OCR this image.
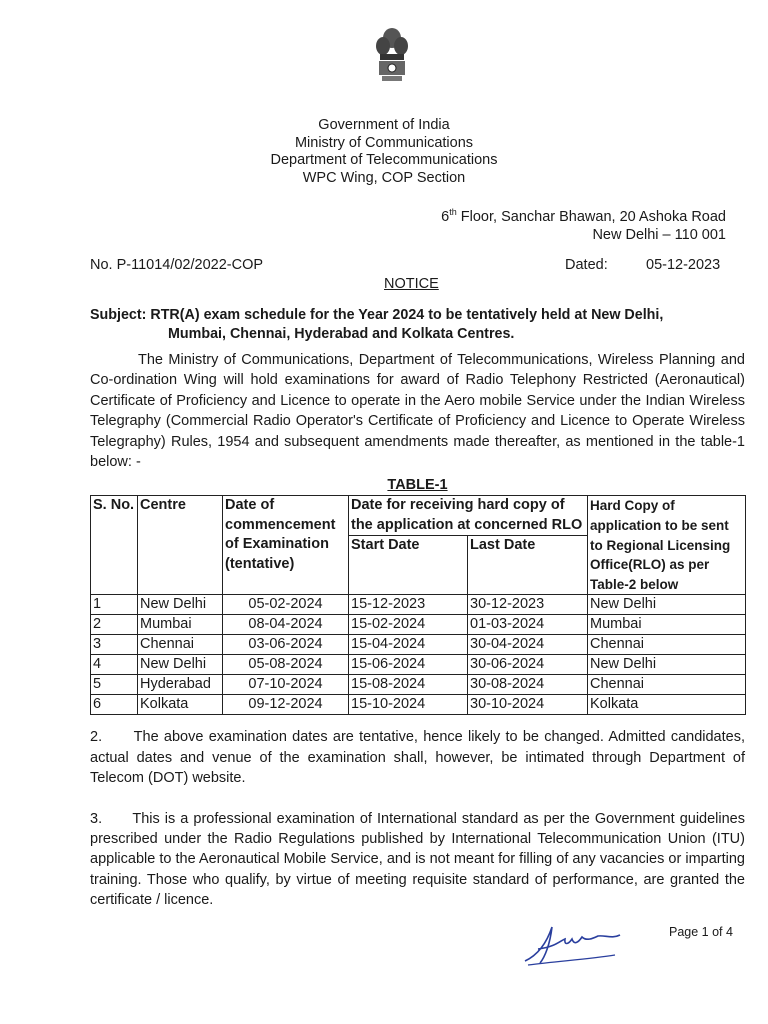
Government of India
Ministry of Communications
Department of Telecommunications
WPC Wing, COP Section
6th Floor, Sanchar Bhawan, 20 Ashoka Road
New Delhi – 110 001
No. P-11014/02/2022-COP	Dated:	05-12-2023
NOTICE
Subject: RTR(A) exam schedule for the Year 2024 to be tentatively held at New Delhi,
Mumbai, Chennai, Hyderabad and Kolkata Centres.

The Ministry of Communications, Department of Telecommunications, Wireless Planning and Co-ordination Wing will hold examinations for award of Radio Telephony Restricted (Aeronautical) Certificate of Proficiency and Licence to operate in the Aero mobile Service under the Indian Wireless Telegraphy (Commercial Radio Operator's Certificate of Proficiency and Licence to Operate Wireless Telegraphy) Rules, 1954 and subsequent amendments made thereafter, as mentioned in the table-1 below: -

TABLE-1
S. No.	Centre	Date of commencement of Examination (tentative)	Date for receiving hard copy of the application at concerned RLO		Hard Copy of application to be sent to Regional Licensing Office(RLO) as per Table-2 below
			Start Date	Last Date	
1	New Delhi	05-02-2024	15-12-2023	30-12-2023	New Delhi
2	Mumbai	08-04-2024	15-02-2024	01-03-2024	Mumbai
3	Chennai	03-06-2024	15-04-2024	30-04-2024	Chennai
4	New Delhi	05-08-2024	15-06-2024	30-06-2024	New Delhi
5	Hyderabad	07-10-2024	15-08-2024	30-08-2024	Chennai
6	Kolkata	09-12-2024	15-10-2024	30-10-2024	Kolkata

2.      The above examination dates are tentative, hence likely to be changed. Admitted candidates, actual dates and venue of the examination shall, however, be intimated through Department of Telecom (DOT) website.

3.      This is a professional examination of International standard as per the Government guidelines prescribed under the Radio Regulations published by International Telecommunication Union (ITU) applicable to the Aeronautical Mobile Service, and is not meant for filling of any vacancies or imparting training. Those who qualify, by virtue of meeting requisite standard of performance, are granted the certificate / licence.

Page 1 of 4
